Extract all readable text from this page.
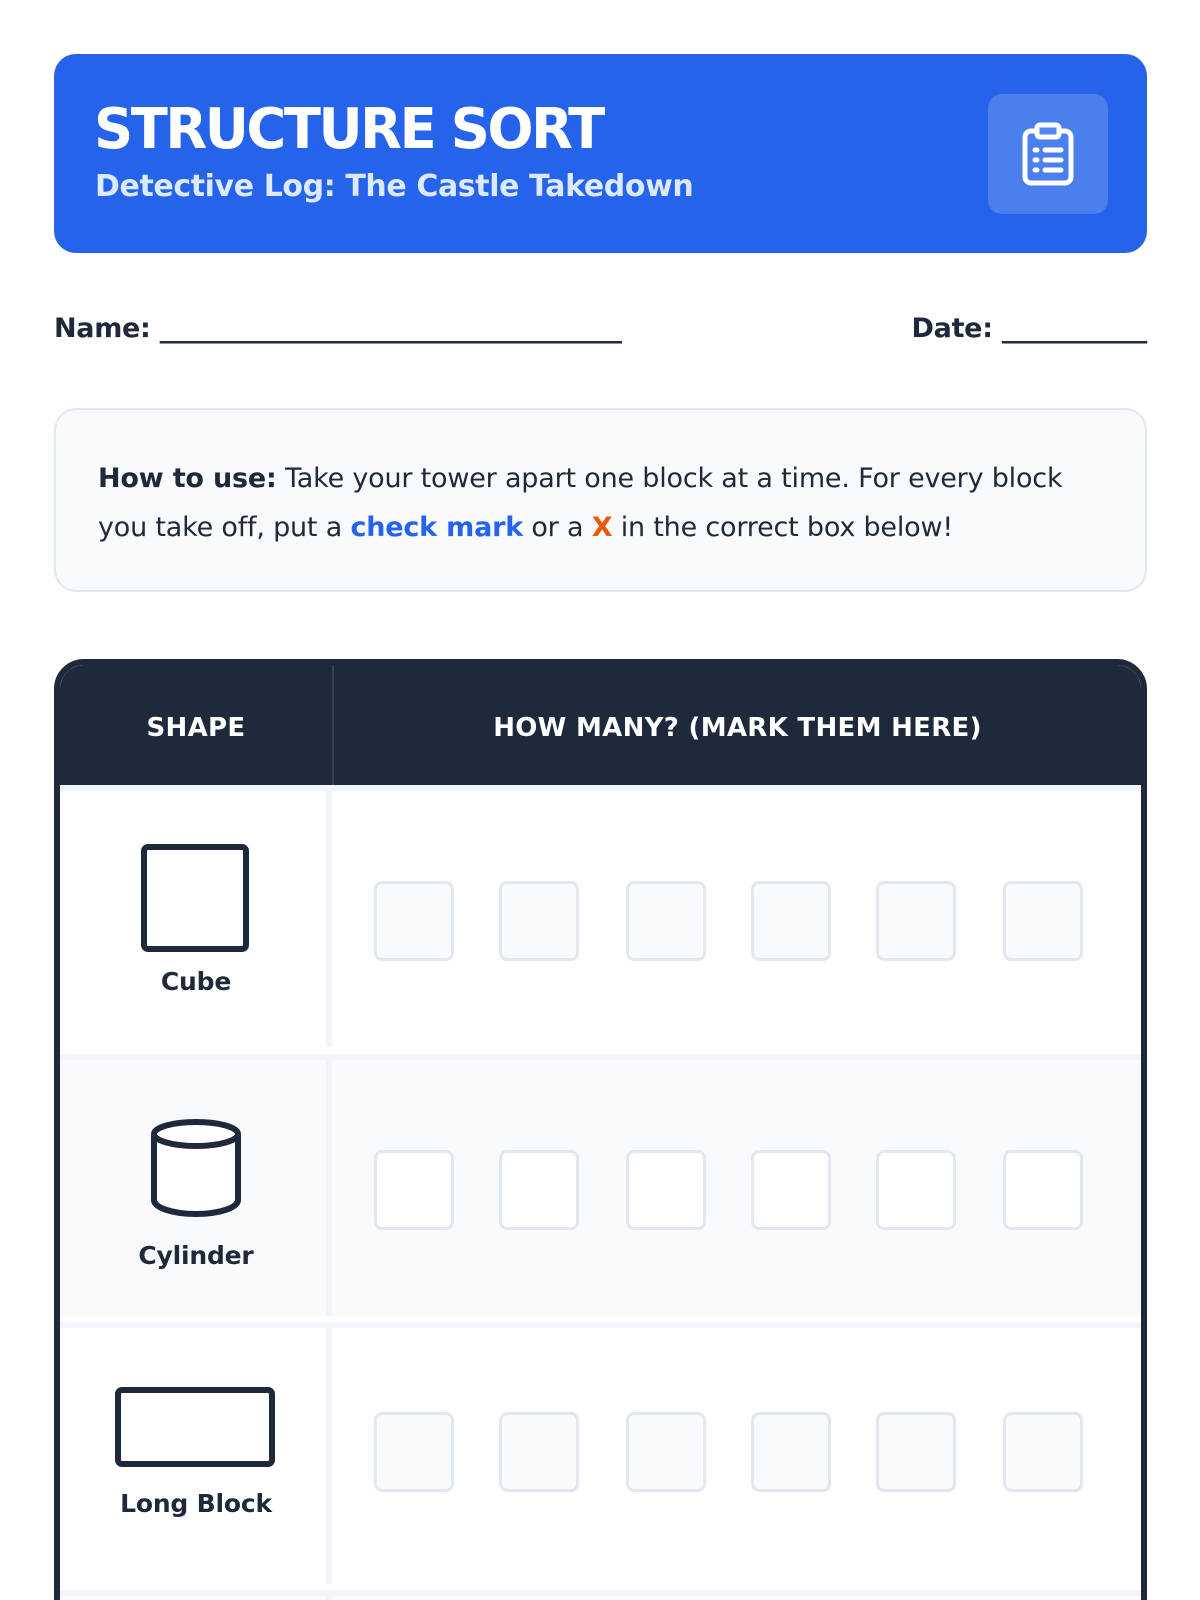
STRUCTURE SORT
Detective Log: The Castle Takedown
Name: ___________________________________	Date: ___________
How to use: Take your tower apart one block at a time. For every block you take off, put a check mark or a X in the correct box below!
SHAPE	HOW MANY? (MARK THEM HERE)
Cube
Cylinder
Long Block
